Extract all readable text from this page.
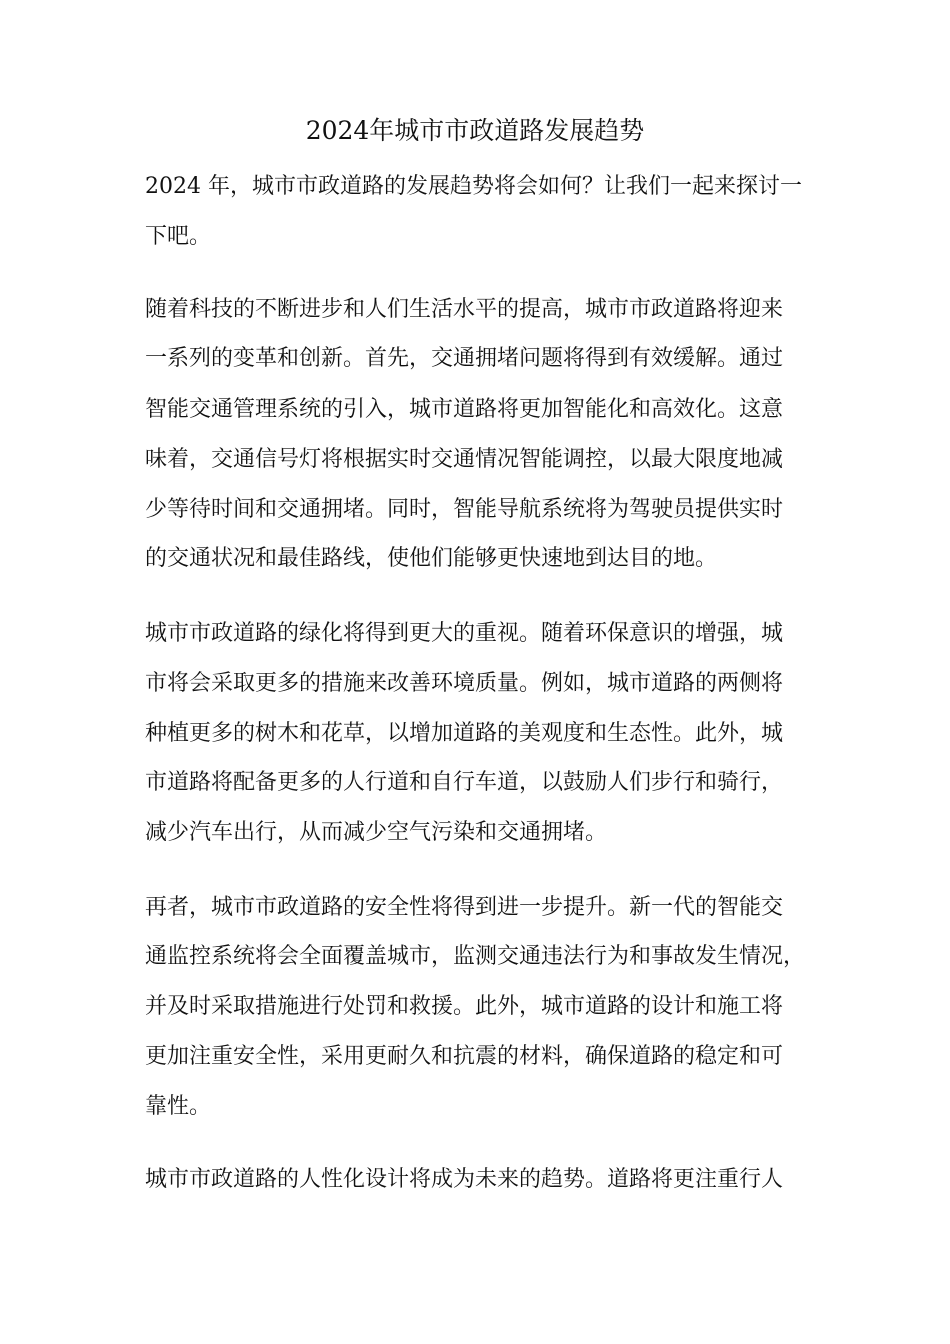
2024年城市市政道路发展趋势
2024 年，城市市政道路的发展趋势将会如何？让我们一起来探讨一
下吧。
随着科技的不断进步和人们生活水平的提高，城市市政道路将迎来
一系列的变革和创新。首先，交通拥堵问题将得到有效缓解。通过
智能交通管理系统的引入，城市道路将更加智能化和高效化。这意
味着，交通信号灯将根据实时交通情况智能调控，以最大限度地减
少等待时间和交通拥堵。同时，智能导航系统将为驾驶员提供实时
的交通状况和最佳路线，使他们能够更快速地到达目的地。
城市市政道路的绿化将得到更大的重视。随着环保意识的增强，城
市将会采取更多的措施来改善环境质量。例如，城市道路的两侧将
种植更多的树木和花草，以增加道路的美观度和生态性。此外，城
市道路将配备更多的人行道和自行车道，以鼓励人们步行和骑行，
减少汽车出行，从而减少空气污染和交通拥堵。
再者，城市市政道路的安全性将得到进一步提升。新一代的智能交
通监控系统将会全面覆盖城市，监测交通违法行为和事故发生情况，
并及时采取措施进行处罚和救援。此外，城市道路的设计和施工将
更加注重安全性，采用更耐久和抗震的材料，确保道路的稳定和可
靠性。
城市市政道路的人性化设计将成为未来的趋势。道路将更注重行人
